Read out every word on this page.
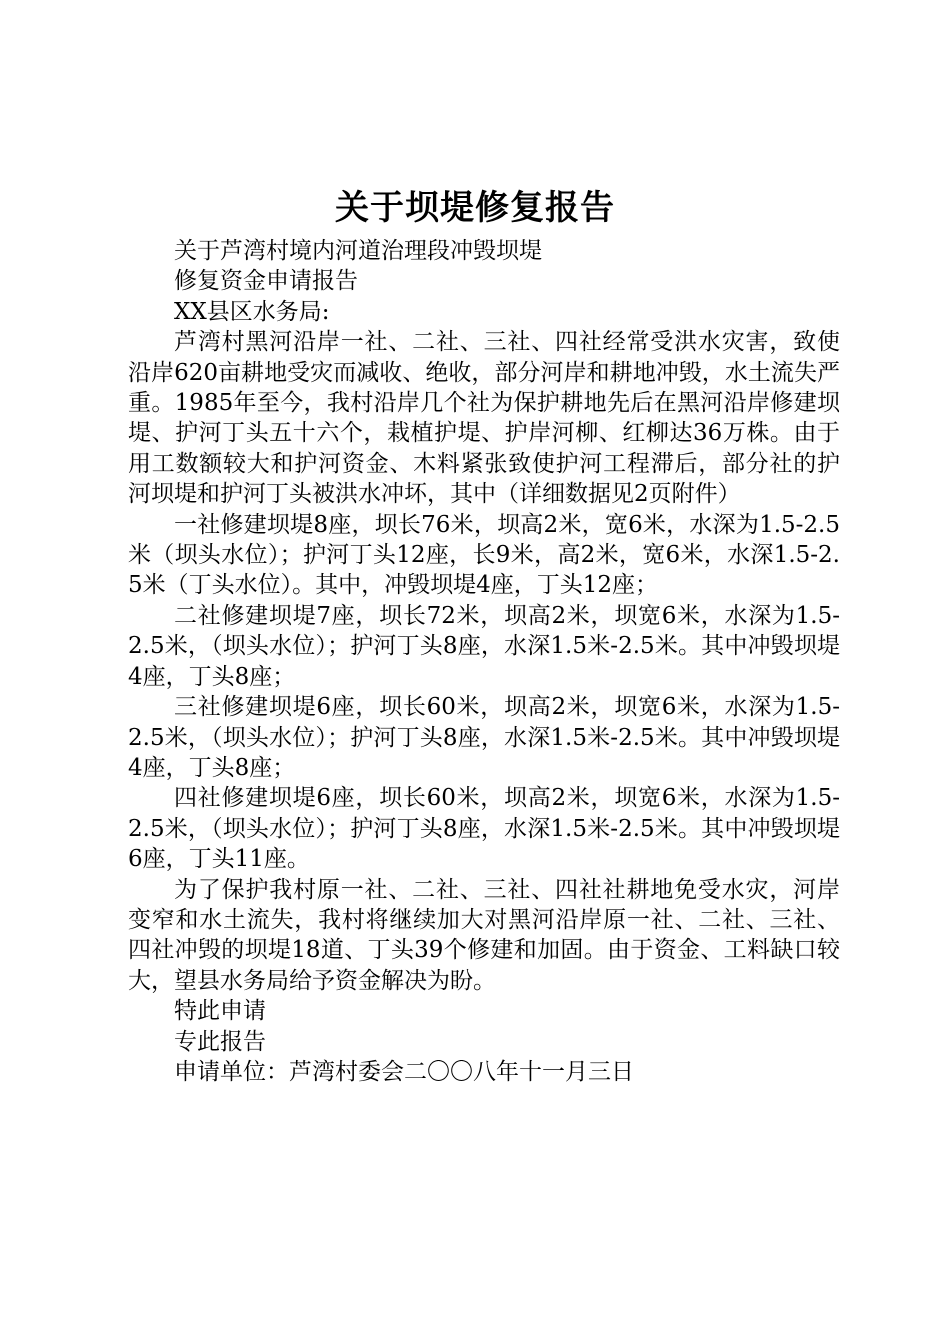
关于坝堤修复报告

关于芦湾村境内河道治理段冲毁坝堤

修复资金申请报告

XX县区水务局:

芦湾村黑河沿岸一社、二社、三社、四社经常受洪水灾害，致使沿岸620亩耕地受灾而减收、绝收，部分河岸和耕地冲毁，水土流失严重。1985年至今，我村沿岸几个社为保护耕地先后在黑河沿岸修建坝堤、护河丁头五十六个，栽植护堤、护岸河柳、红柳达36万株。由于用工数额较大和护河资金、木料紧张致使护河工程滞后，部分社的护河坝堤和护河丁头被洪水冲坏，其中（详细数据见2页附件）

一社修建坝堤8座，坝长76米，坝高2米，宽6米，水深为1.5-2.5米（坝头水位）；护河丁头12座，长9米，高2米，宽6米，水深1.5-2.5米（丁头水位）。其中，冲毁坝堤4座，丁头12座；

二社修建坝堤7座，坝长72米，坝高2米，坝宽6米，水深为1.5-2.5米，（坝头水位）；护河丁头8座，水深1.5米-2.5米。其中冲毁坝堤4座，丁头8座；

三社修建坝堤6座，坝长60米，坝高2米，坝宽6米，水深为1.5-2.5米，（坝头水位）；护河丁头8座，水深1.5米-2.5米。其中冲毁坝堤4座，丁头8座；

四社修建坝堤6座，坝长60米，坝高2米，坝宽6米，水深为1.5-2.5米，（坝头水位）；护河丁头8座，水深1.5米-2.5米。其中冲毁坝堤6座，丁头11座。

为了保护我村原一社、二社、三社、四社社耕地免受水灾，河岸变窄和水土流失，我村将继续加大对黑河沿岸原一社、二社、三社、四社冲毁的坝堤18道、丁头39个修建和加固。由于资金、工料缺口较大，望县水务局给予资金解决为盼。

特此申请

专此报告

申请单位：芦湾村委会二〇〇八年十一月三日
